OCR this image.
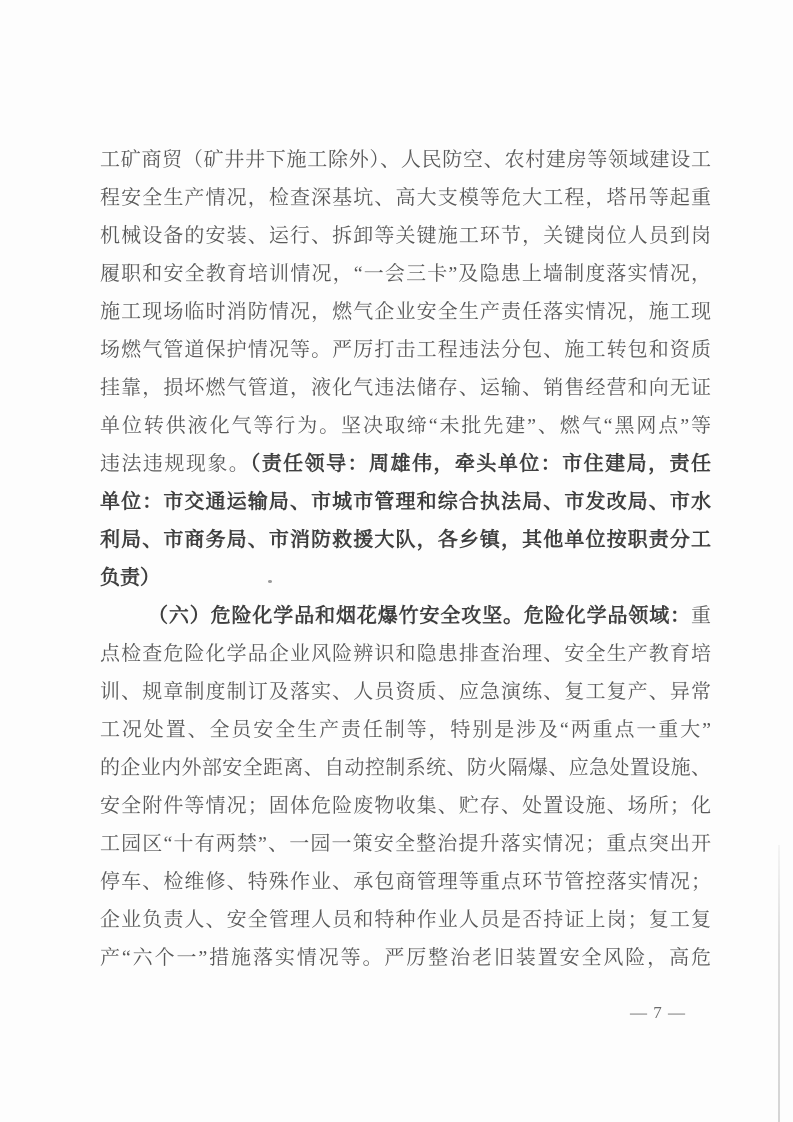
工矿商贸（矿井井下施工除外）、人民防空、农村建房等领域建设工
程安全生产情况，检查深基坑、高大支模等危大工程，塔吊等起重
机械设备的安装、运行、拆卸等关键施工环节，关键岗位人员到岗
履职和安全教育培训情况，“一会三卡”及隐患上墙制度落实情况，
施工现场临时消防情况，燃气企业安全生产责任落实情况，施工现
场燃气管道保护情况等。严厉打击工程违法分包、施工转包和资质
挂靠，损坏燃气管道，液化气违法储存、运输、销售经营和向无证
单位转供液化气等行为。坚决取缔“未批先建”、燃气“黑网点”等
违法违规现象。（责任领导：周雄伟，牵头单位：市住建局，责任
单位：市交通运输局、市城市管理和综合执法局、市发改局、市水
利局、市商务局、市消防救援大队，各乡镇，其他单位按职责分工
负责）
（六）危险化学品和烟花爆竹安全攻坚。危险化学品领域：重
点检查危险化学品企业风险辨识和隐患排查治理、安全生产教育培
训、规章制度制订及落实、人员资质、应急演练、复工复产、异常
工况处置、全员安全生产责任制等，特别是涉及“两重点一重大”
的企业内外部安全距离、自动控制系统、防火隔爆、应急处置设施、
安全附件等情况；固体危险废物收集、贮存、处置设施、场所；化
工园区“十有两禁”、一园一策安全整治提升落实情况；重点突出开
停车、检维修、特殊作业、承包商管理等重点环节管控落实情况；
企业负责人、安全管理人员和特种作业人员是否持证上岗；复工复
产“六个一”措施落实情况等。严厉整治老旧装置安全风险，高危
— 7 —
